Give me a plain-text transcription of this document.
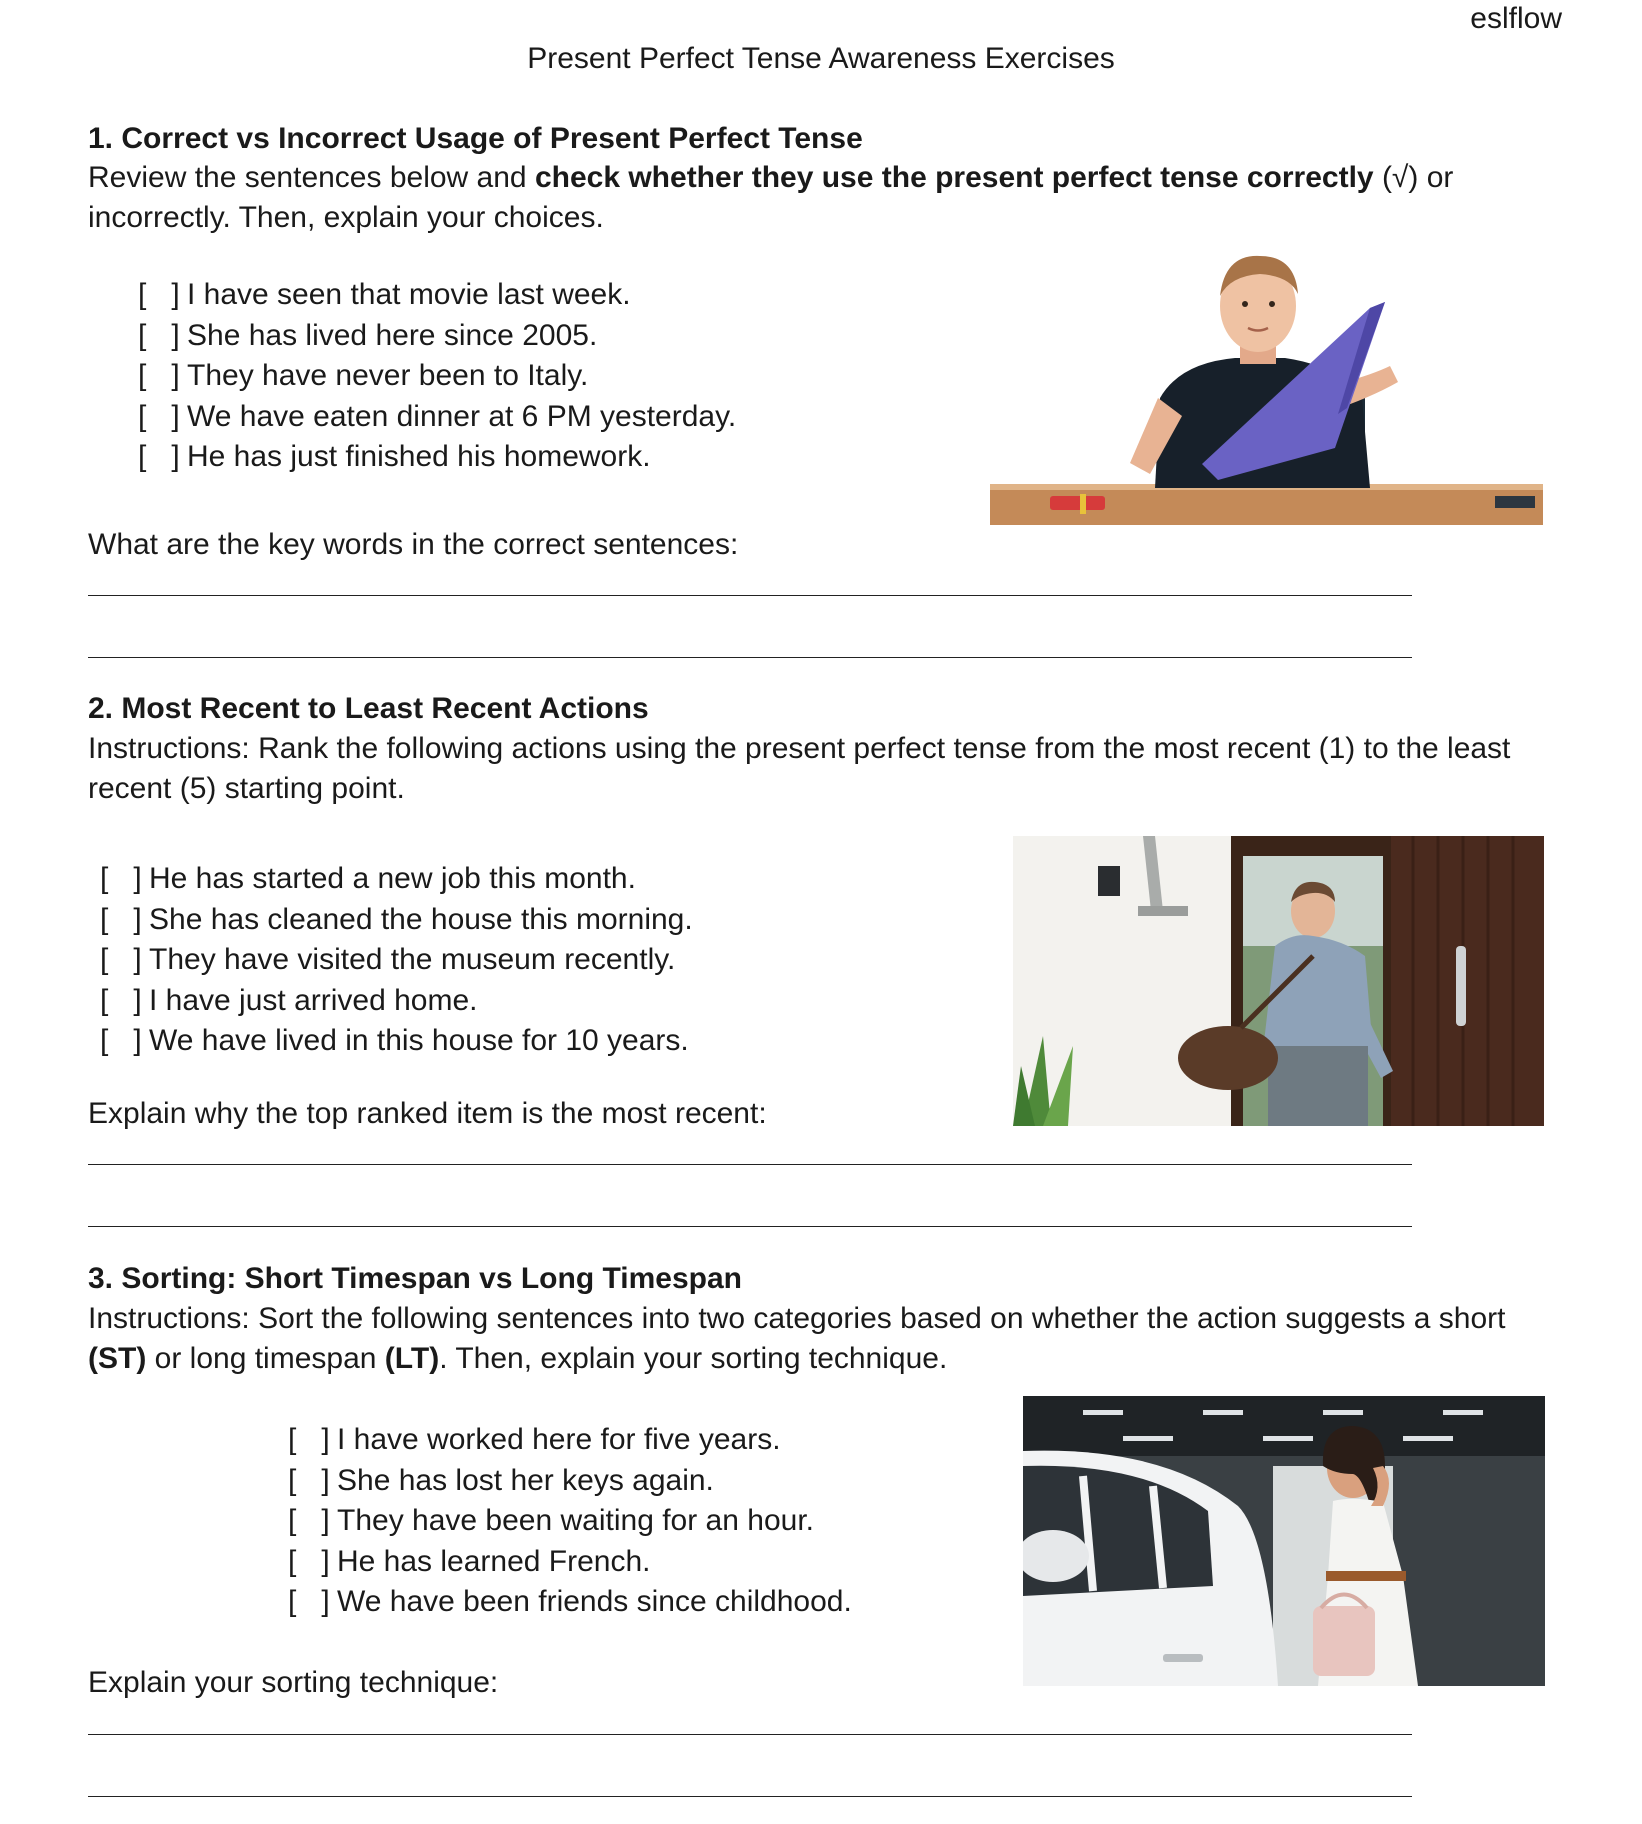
eslflow
Present Perfect Tense Awareness Exercises
1. Correct vs Incorrect Usage of Present Perfect Tense
Review the sentences below and check whether they use the present perfect tense correctly (√) or incorrectly. Then, explain your choices.
[   ] I have seen that movie last week.
[   ] She has lived here since 2005.
[   ] They have never been to Italy.
[   ] We have eaten dinner at 6 PM yesterday.
[   ] He has just finished his homework.
What are the key words in the correct sentences:
2. Most Recent to Least Recent Actions
Instructions: Rank the following actions using the present perfect tense from the most recent (1) to the least recent (5) starting point.
[   ] He has started a new job this month.
[   ] She has cleaned the house this morning.
[   ] They have visited the museum recently.
[   ] I have just arrived home.
[   ] We have lived in this house for 10 years.
Explain why the top ranked item is the most recent:
3. Sorting: Short Timespan vs Long Timespan
Instructions: Sort the following sentences into two categories based on whether the action suggests a short (ST) or long timespan (LT). Then, explain your sorting technique.
[   ] I have worked here for five years.
[   ] She has lost her keys again.
[   ] They have been waiting for an hour.
[   ] He has learned French.
[   ] We have been friends since childhood.
Explain your sorting technique:
